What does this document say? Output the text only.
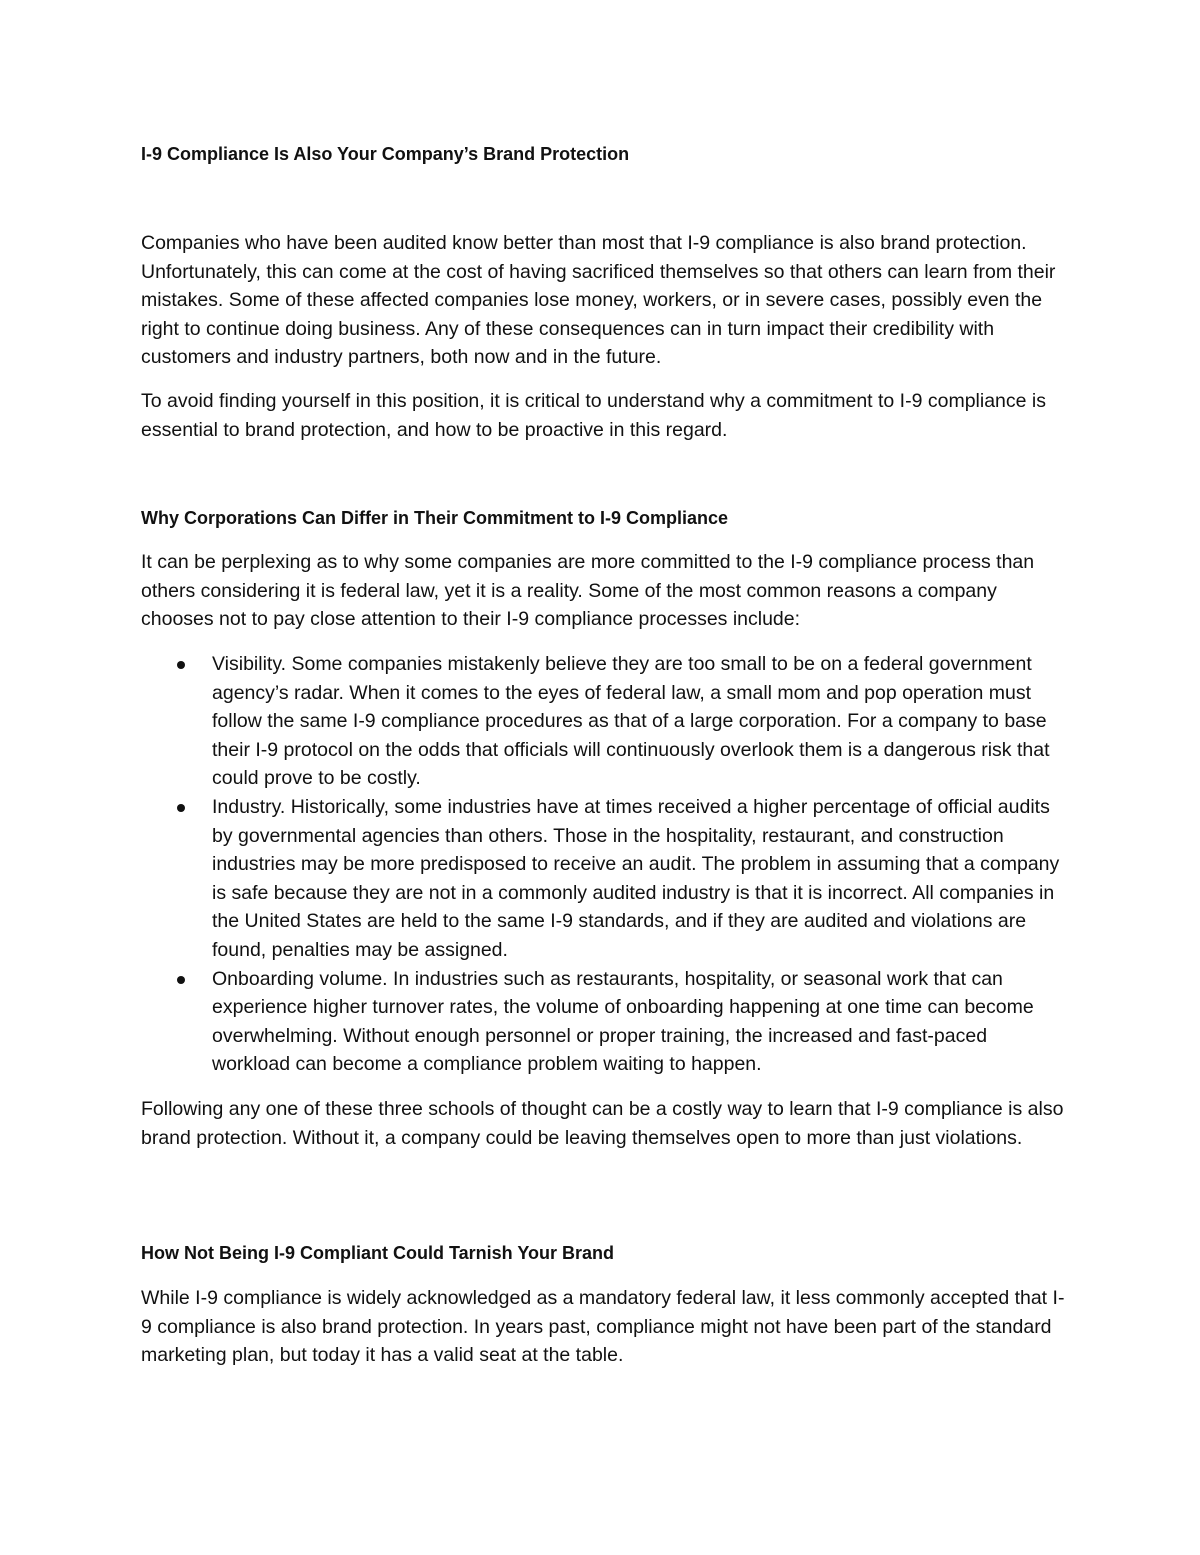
I-9 Compliance Is Also Your Company’s Brand Protection

Companies who have been audited know better than most that I-9 compliance is also brand protection. Unfortunately, this can come at the cost of having sacrificed themselves so that others can learn from their mistakes. Some of these affected companies lose money, workers, or in severe cases, possibly even the right to continue doing business. Any of these consequences can in turn impact their credibility with customers and industry partners, both now and in the future.

To avoid finding yourself in this position, it is critical to understand why a commitment to I-9 compliance is essential to brand protection, and how to be proactive in this regard.

Why Corporations Can Differ in Their Commitment to I-9 Compliance

It can be perplexing as to why some companies are more committed to the I-9 compliance process than others considering it is federal law, yet it is a reality. Some of the most common reasons a company chooses not to pay close attention to their I-9 compliance processes include:

Visibility. Some companies mistakenly believe they are too small to be on a federal government agency’s radar. When it comes to the eyes of federal law, a small mom and pop operation must follow the same I-9 compliance procedures as that of a large corporation. For a company to base their I-9 protocol on the odds that officials will continuously overlook them is a dangerous risk that could prove to be costly.
Industry. Historically, some industries have at times received a higher percentage of official audits by governmental agencies than others. Those in the hospitality, restaurant, and construction industries may be more predisposed to receive an audit. The problem in assuming that a company is safe because they are not in a commonly audited industry is that it is incorrect. All companies in the United States are held to the same I-9 standards, and if they are audited and violations are found, penalties may be assigned.
Onboarding volume. In industries such as restaurants, hospitality, or seasonal work that can experience higher turnover rates, the volume of onboarding happening at one time can become overwhelming. Without enough personnel or proper training, the increased and fast-paced workload can become a compliance problem waiting to happen.

Following any one of these three schools of thought can be a costly way to learn that I-9 compliance is also brand protection. Without it, a company could be leaving themselves open to more than just violations.

How Not Being I-9 Compliant Could Tarnish Your Brand

While I-9 compliance is widely acknowledged as a mandatory federal law, it less commonly accepted that I-9 compliance is also brand protection. In years past, compliance might not have been part of the standard marketing plan, but today it has a valid seat at the table.
